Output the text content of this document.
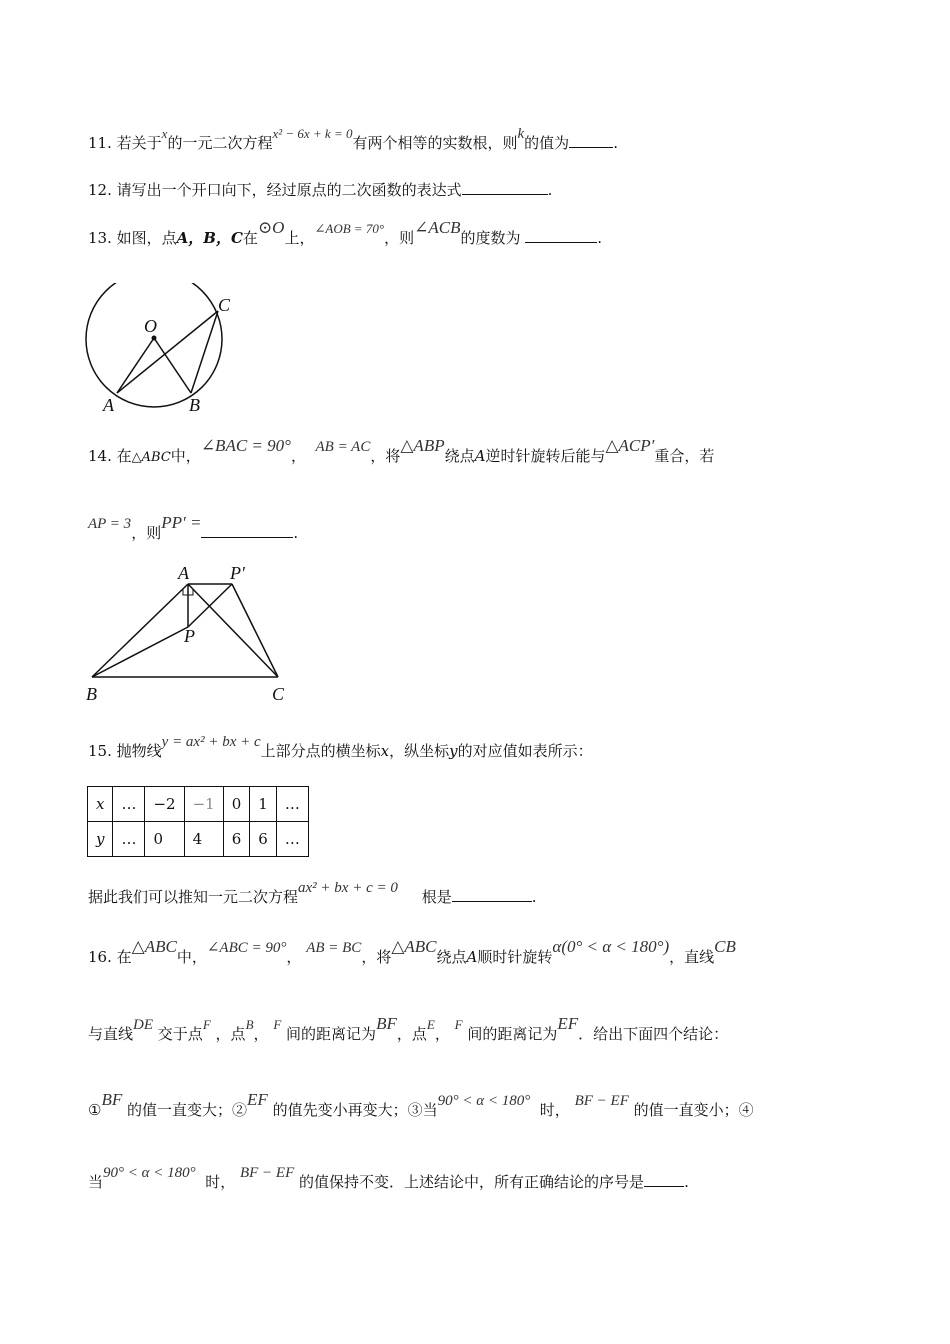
11. 若关于x的一元二次方程x² − 6x + k = 0有两个相等的实数根，则k的值为	.
12. 请写出一个开口向下，经过原点的二次函数的表达式	.
13. 如图，点A，B，C在⊙O上，∠AOB = 70°，则∠ACB的度数为	.
O
A	B
C
14. 在△ABC中，∠BAC = 90°， AB = AC，将△ABP绕点A逆时针旋转后能与△ACP′重合，若
AP = 3，则PP′ =.
A P′
P
B	C
15. 抛物线y = ax² + bx + c上部分点的横坐标x，纵坐标y的对应值如表所示：
x	…	−2	−1	0	1	…
y	…	0	4	6	6	…
据此我们可以推知一元二次方程ax² + bx + c = 0 根是	.
16. 在△ABC中，∠ABC = 90°， AB = BC，将△ABC绕点A顺时针旋转α(0° < α < 180°)，直线CB
与直线DE 交于点F ，点B， F 间的距离记为BF，点E， F 间的距离记为EF．给出下面四个结论：
①BF 的值一直变大；②EF 的值先变小再变大；③当90° < α < 180° 时， BF − EF 的值一直变小；④
当90° < α < 180° 时， BF − EF 的值保持不变．上述结论中，所有正确结论的序号是	.
